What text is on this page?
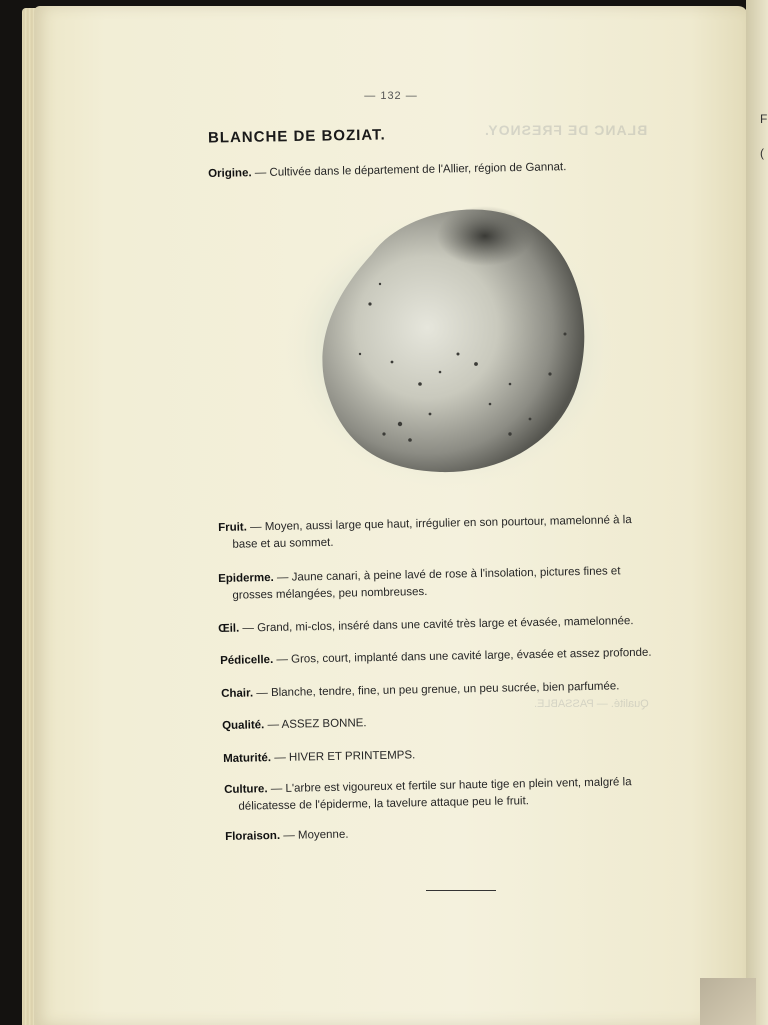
— 132 —
BLANC DE FRESNOY.
Qualité. — PASSABLE.
BLANCHE DE BOZIAT.
Origine. — Cultivée dans le département de l'Allier, région de Gannat.
Fruit. — Moyen, aussi large que haut, irrégulier en son pourtour, mamelonné à la
base et au sommet.
Epiderme. — Jaune canari, à peine lavé de rose à l'insolation, pictures fines et
grosses mélangées, peu nombreuses.
Œil. — Grand, mi-clos, inséré dans une cavité très large et évasée, mamelonnée.
Pédicelle. — Gros, court, implanté dans une cavité large, évasée et assez profonde.
Chair. — Blanche, tendre, fine, un peu grenue, un peu sucrée, bien parfumée.
Qualité. — ASSEZ BONNE.
Maturité. — HIVER ET PRINTEMPS.
Culture. — L'arbre est vigoureux et fertile sur haute tige en plein vent, malgré la
délicatesse de l'épiderme, la tavelure attaque peu le fruit.
Floraison. — Moyenne.
F
(
